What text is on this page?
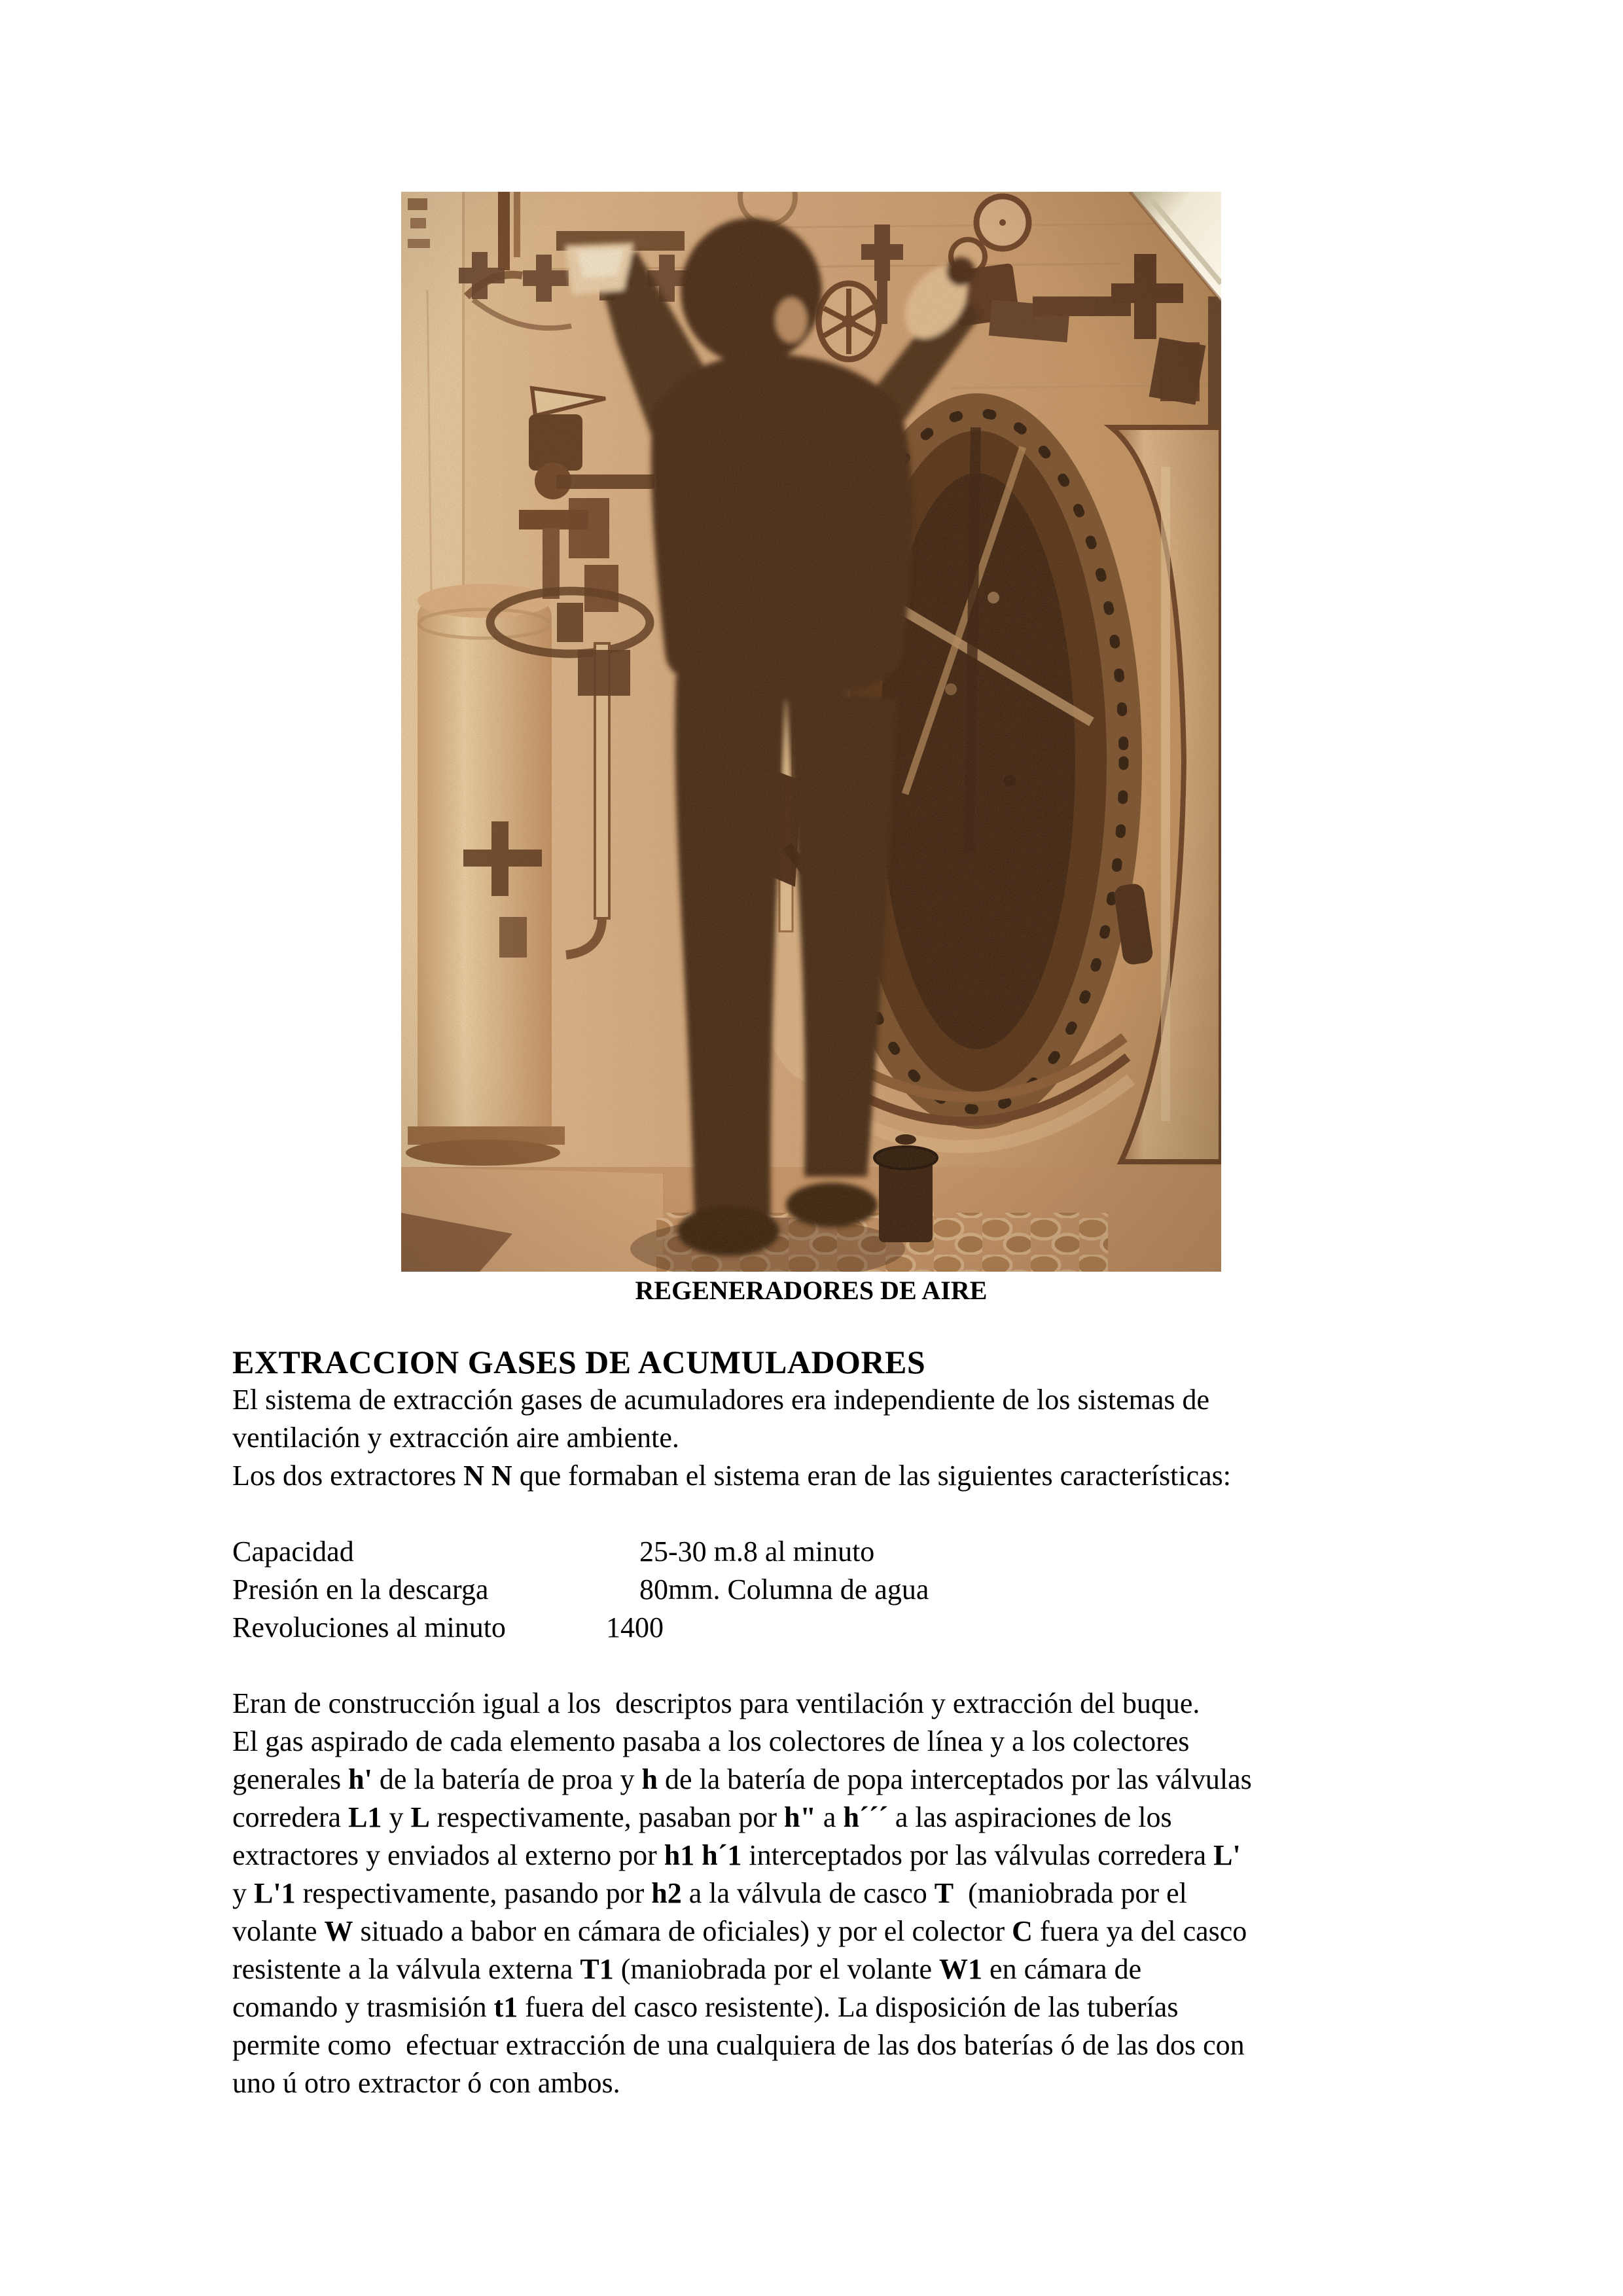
REGENERADORES DE AIRE
EXTRACCION GASES DE ACUMULADORES
El sistema de extracción gases de acumuladores era independiente de los sistemas de
ventilación y extracción aire ambiente.
Los dos extractores N N que formaban el sistema eran de las siguientes características:
Capacidad	25-30 m.8 al minuto
Presión en la descarga	80mm. Columna de agua
Revoluciones al minuto	1400
Eran de construcción igual a los  descriptos para ventilación y extracción del buque.
El gas aspirado de cada elemento pasaba a los colectores de línea y a los colectores
generales h' de la batería de proa y h de la batería de popa interceptados por las válvulas
corredera L1 y L respectivamente, pasaban por h" a h´´´ a las aspiraciones de los
extractores y enviados al externo por h1 h´1 interceptados por las válvulas corredera L'
y L'1 respectivamente, pasando por h2 a la válvula de casco T  (maniobrada por el
volante W situado a babor en cámara de oficiales) y por el colector C fuera ya del casco
resistente a la válvula externa T1 (maniobrada por el volante W1 en cámara de
comando y trasmisión t1 fuera del casco resistente). La disposición de las tuberías
permite como  efectuar extracción de una cualquiera de las dos baterías ó de las dos con
uno ú otro extractor ó con ambos.
